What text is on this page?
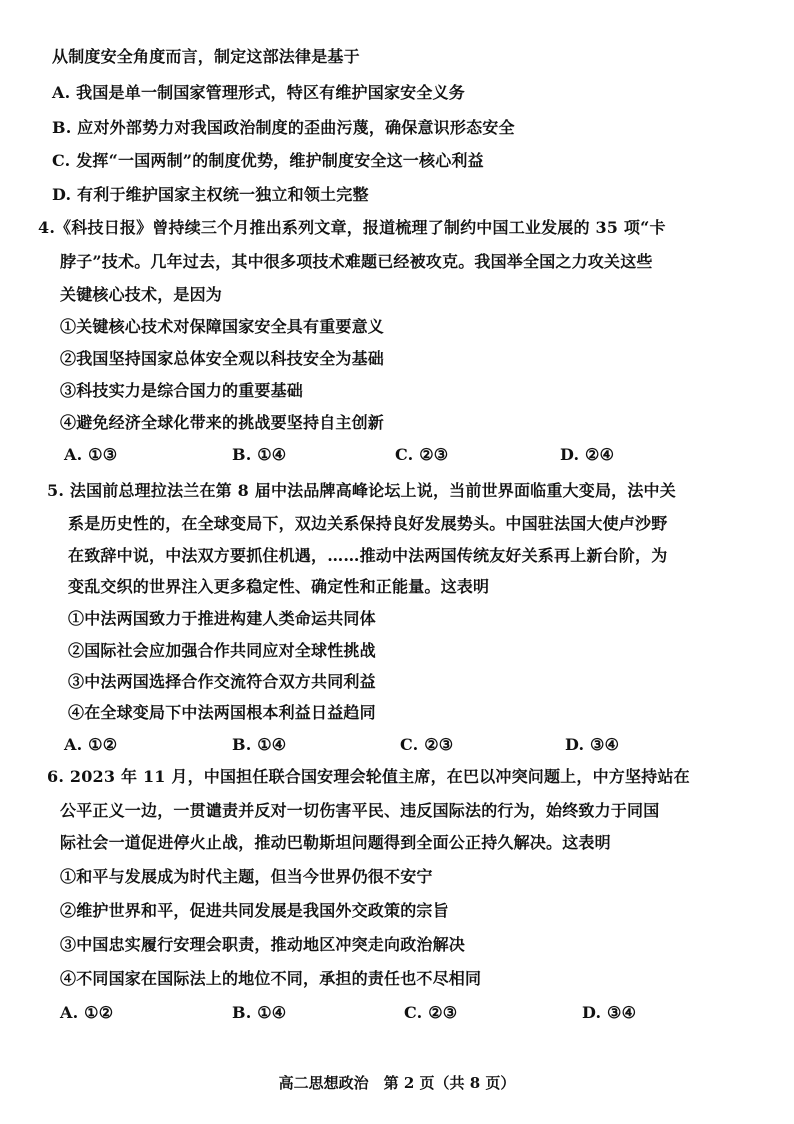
从制度安全角度而言，制定这部法律是基于
A. 我国是单一制国家管理形式，特区有维护国家安全义务
B. 应对外部势力对我国政治制度的歪曲污蔑，确保意识形态安全
C. 发挥“一国两制”的制度优势，维护制度安全这一核心利益
D. 有利于维护国家主权统一独立和领土完整
4.《科技日报》曾持续三个月推出系列文章，报道梳理了制约中国工业发展的 35 项“卡
脖子”技术。几年过去，其中很多项技术难题已经被攻克。我国举全国之力攻关这些
关键核心技术，是因为
①关键核心技术对保障国家安全具有重要意义
②我国坚持国家总体安全观以科技安全为基础
③科技实力是综合国力的重要基础
④避免经济全球化带来的挑战要坚持自主创新
A. ①③	B. ①④	C. ②③	D. ②④
5. 法国前总理拉法兰在第 8 届中法品牌高峰论坛上说，当前世界面临重大变局，法中关
系是历史性的，在全球变局下，双边关系保持良好发展势头。中国驻法国大使卢沙野
在致辞中说，中法双方要抓住机遇，……推动中法两国传统友好关系再上新台阶，为
变乱交织的世界注入更多稳定性、确定性和正能量。这表明
①中法两国致力于推进构建人类命运共同体
②国际社会应加强合作共同应对全球性挑战
③中法两国选择合作交流符合双方共同利益
④在全球变局下中法两国根本利益日益趋同
A. ①②	B. ①④	C. ②③	D. ③④
6. 2023 年 11 月，中国担任联合国安理会轮值主席，在巴以冲突问题上，中方坚持站在
公平正义一边，一贯谴责并反对一切伤害平民、违反国际法的行为，始终致力于同国
际社会一道促进停火止战，推动巴勒斯坦问题得到全面公正持久解决。这表明
①和平与发展成为时代主题，但当今世界仍很不安宁
②维护世界和平，促进共同发展是我国外交政策的宗旨
③中国忠实履行安理会职责，推动地区冲突走向政治解决
④不同国家在国际法上的地位不同，承担的责任也不尽相同
A. ①②	B. ①④	C. ②③	D. ③④
高二思想政治　第 2 页（共 8 页）
